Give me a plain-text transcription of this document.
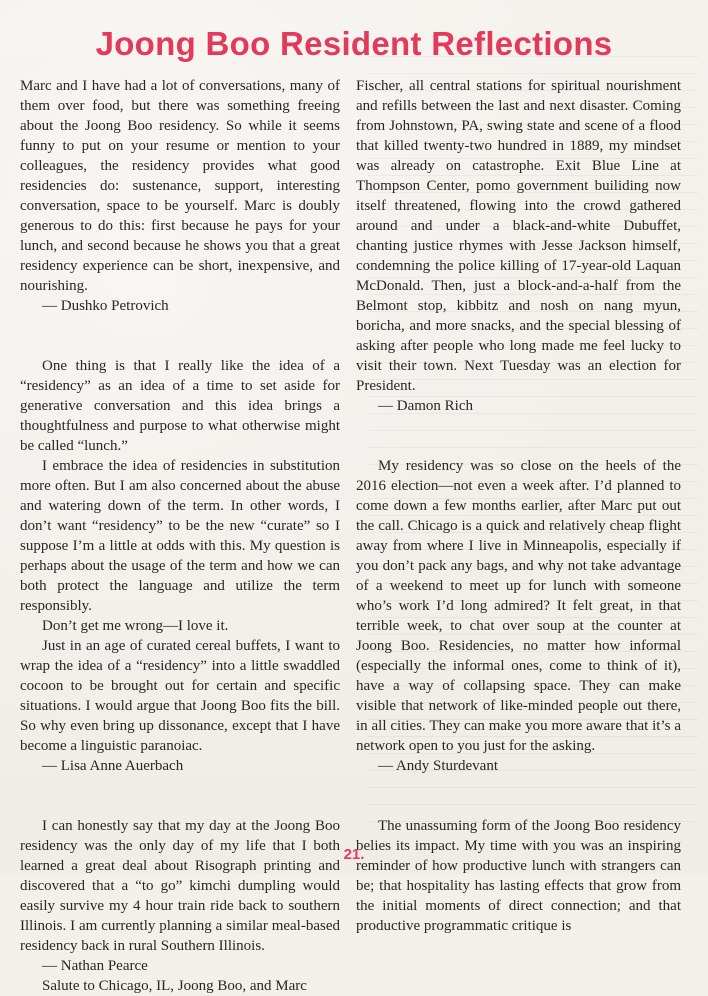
Joong Boo Resident Reflections

Marc and I have had a lot of conversations, many of them over food, but there was something freeing about the Joong Boo residency. So while it seems funny to put on your resume or mention to your colleagues, the residency provides what good residencies do: sustenance, support, interesting conversation, space to be yourself. Marc is doubly generous to do this: first because he pays for your lunch, and second because he shows you that a great residency experience can be short, inexpensive, and nourishing.

— Dushko Petrovich

One thing is that I really like the idea of a “residency” as an idea of a time to set aside for generative conversation and this idea brings a thoughtfulness and purpose to what otherwise might be called “lunch.”

I embrace the idea of residencies in substitution more often. But I am also concerned about the abuse and watering down of the term. In other words, I don’t want “residency” to be the new “curate” so I suppose I’m a little at odds with this. My question is perhaps about the usage of the term and how we can both protect the language and utilize the term responsibly.

Don’t get me wrong—I love it.

Just in an age of curated cereal buffets, I want to wrap the idea of a “residency” into a little swaddled cocoon to be brought out for certain and specific situations. I would argue that Joong Boo fits the bill. So why even bring up dissonance, except that I have become a linguistic paranoiac.

— Lisa Anne Auerbach

I can honestly say that my day at the Joong Boo residency was the only day of my life that I both learned a great deal about Risograph printing and discovered that a “to go” kimchi dumpling would easily survive my 4 hour train ride back to southern Illinois. I am currently planning a similar meal-based residency back in rural Southern Illinois.

— Nathan Pearce

Salute to Chicago, IL, Joong Boo, and Marc

Fischer, all central stations for spiritual nourishment and refills between the last and next disaster. Coming from Johnstown, PA, swing state and scene of a flood that killed twenty-two hundred in 1889, my mindset was already on catastrophe. Exit Blue Line at Thompson Center, pomo government builiding now itself threatened, flowing into the crowd gathered around and under a black-and-white Dubuffet, chanting justice rhymes with Jesse Jackson himself, condemning the police killing of 17-year-old Laquan McDonald. Then, just a block-and-a-half from the Belmont stop, kibbitz and nosh on nang myun, boricha, and more snacks, and the special blessing of asking after people who long made me feel lucky to visit their town. Next Tuesday was an election for President.

— Damon Rich

My residency was so close on the heels of the 2016 election—not even a week after. I’d planned to come down a few months earlier, after Marc put out the call. Chicago is a quick and relatively cheap flight away from where I live in Minneapolis, especially if you don’t pack any bags, and why not take advantage of a weekend to meet up for lunch with someone who’s work I’d long admired? It felt great, in that terrible week, to chat over soup at the counter at Joong Boo. Residencies, no matter how informal (especially the informal ones, come to think of it), have a way of collapsing space. They can make visible that network of like-minded people out there, in all cities. They can make you more aware that it’s a network open to you just for the asking.

— Andy Sturdevant

The unassuming form of the Joong Boo residency belies its impact. My time with you was an inspiring reminder of how productive lunch with strangers can be; that hospitality has lasting effects that grow from the initial moments of direct connection; and that productive programmatic critique is

21.
